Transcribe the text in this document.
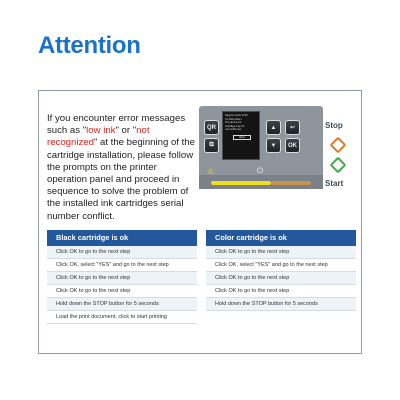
Attention

If you encounter error messages such as "low ink" or "not recognized" at the beginning of the cartridge installation, please follow the prompts on the printer operation panel and proceed in sequence to solve the problem of the installed ink cartridges serial number conflict.

QR
⧉
Support Code 1730
CL-NH+CHer+
The above ink
cartridge may be
not confirmed.
Next
▲
▼
↩
OK
⚠	⏻
Stop
Start
Black cartridge is ok
Click OK to go to the next step
Click OK, select "YES" and go to the next step
Click OK to go to the next step
Click OK to go to the next step
Hold down the STOP button for 5 seconds
Load the print document, click to start printing
Color cartridge is ok
Click OK to go to the next step
Click OK, select "YES" and go to the next step
Click OK to go to the next step
Click OK to go to the next step
Hold down the STOP button for 5 seconds
